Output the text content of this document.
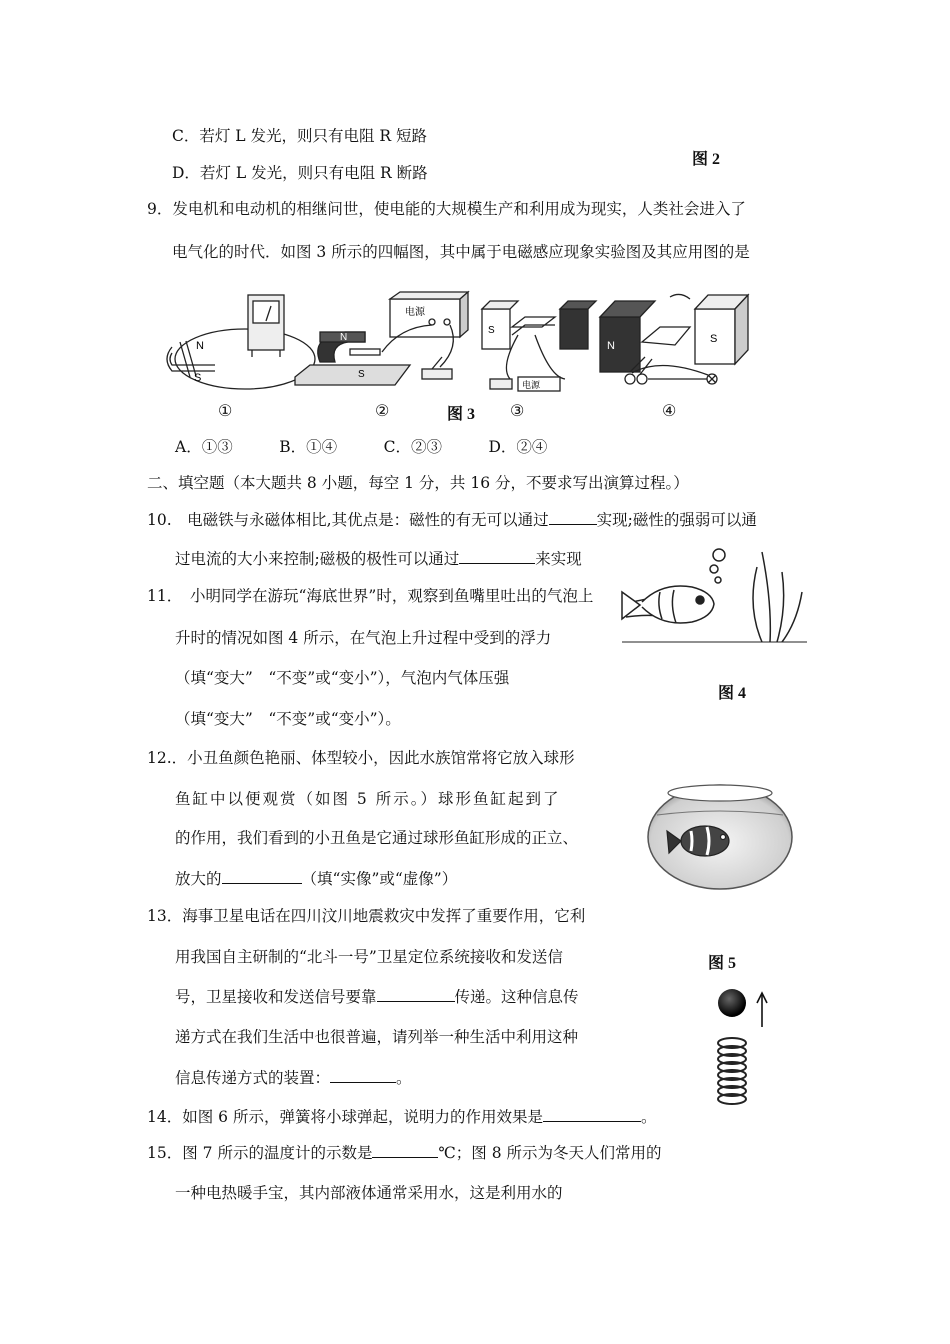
C．若灯 L 发光，则只有电阻 R 短路
D．若灯 L 发光，则只有电阻 R 断路
图 2
9．发电机和电动机的相继问世，使电能的大规模生产和利用成为现实，人类社会进入了
电气化的时代．如图 3 所示的四幅图，其中属于电磁感应现象实验图及其应用图的是
N
S
电源
N
S
S
电源
N
S
①	②	图 3 ③	④
A．①③　　　B．①④　　　C．②③　　　D．②④
二、填空题（本大题共 8 小题，每空 1 分，共 16 分，不要求写出演算过程。）
10.　电磁铁与永磁体相比,其优点是：磁性的有无可以通过	实现;磁性的强弱可以通
过电流的大小来控制;磁极的极性可以通过	来实现
11．　小明同学在游玩“海底世界”时，观察到鱼嘴里吐出的气泡上
升时的情况如图 4 所示，在气泡上升过程中受到的浮力
（填“变大”　“不变”或“变小”），气泡内气体压强
（填“变大”　“不变”或“变小”）。
图 4
12.．小丑鱼颜色艳丽、体型较小，因此水族馆常将它放入球形
鱼缸中以便观赏（如图 5 所示。）球形鱼缸起到了
的作用，我们看到的小丑鱼是它通过球形鱼缸形成的正立、
放大的	（填“实像”或“虚像”）
图 5
13．海事卫星电话在四川汶川地震救灾中发挥了重要作用，它利
用我国自主研制的“北斗一号”卫星定位系统接收和发送信
号，卫星接收和发送信号要靠	传递。这种信息传
递方式在我们生活中也很普遍，请列举一种生活中利用这种
信息传递方式的装置：	。
14．如图 6 所示，弹簧将小球弹起，说明力的作用效果是	。
15．图 7 所示的温度计的示数是	℃；图 8 所示为冬天人们常用的
一种电热暖手宝，其内部液体通常采用水，这是利用水的
